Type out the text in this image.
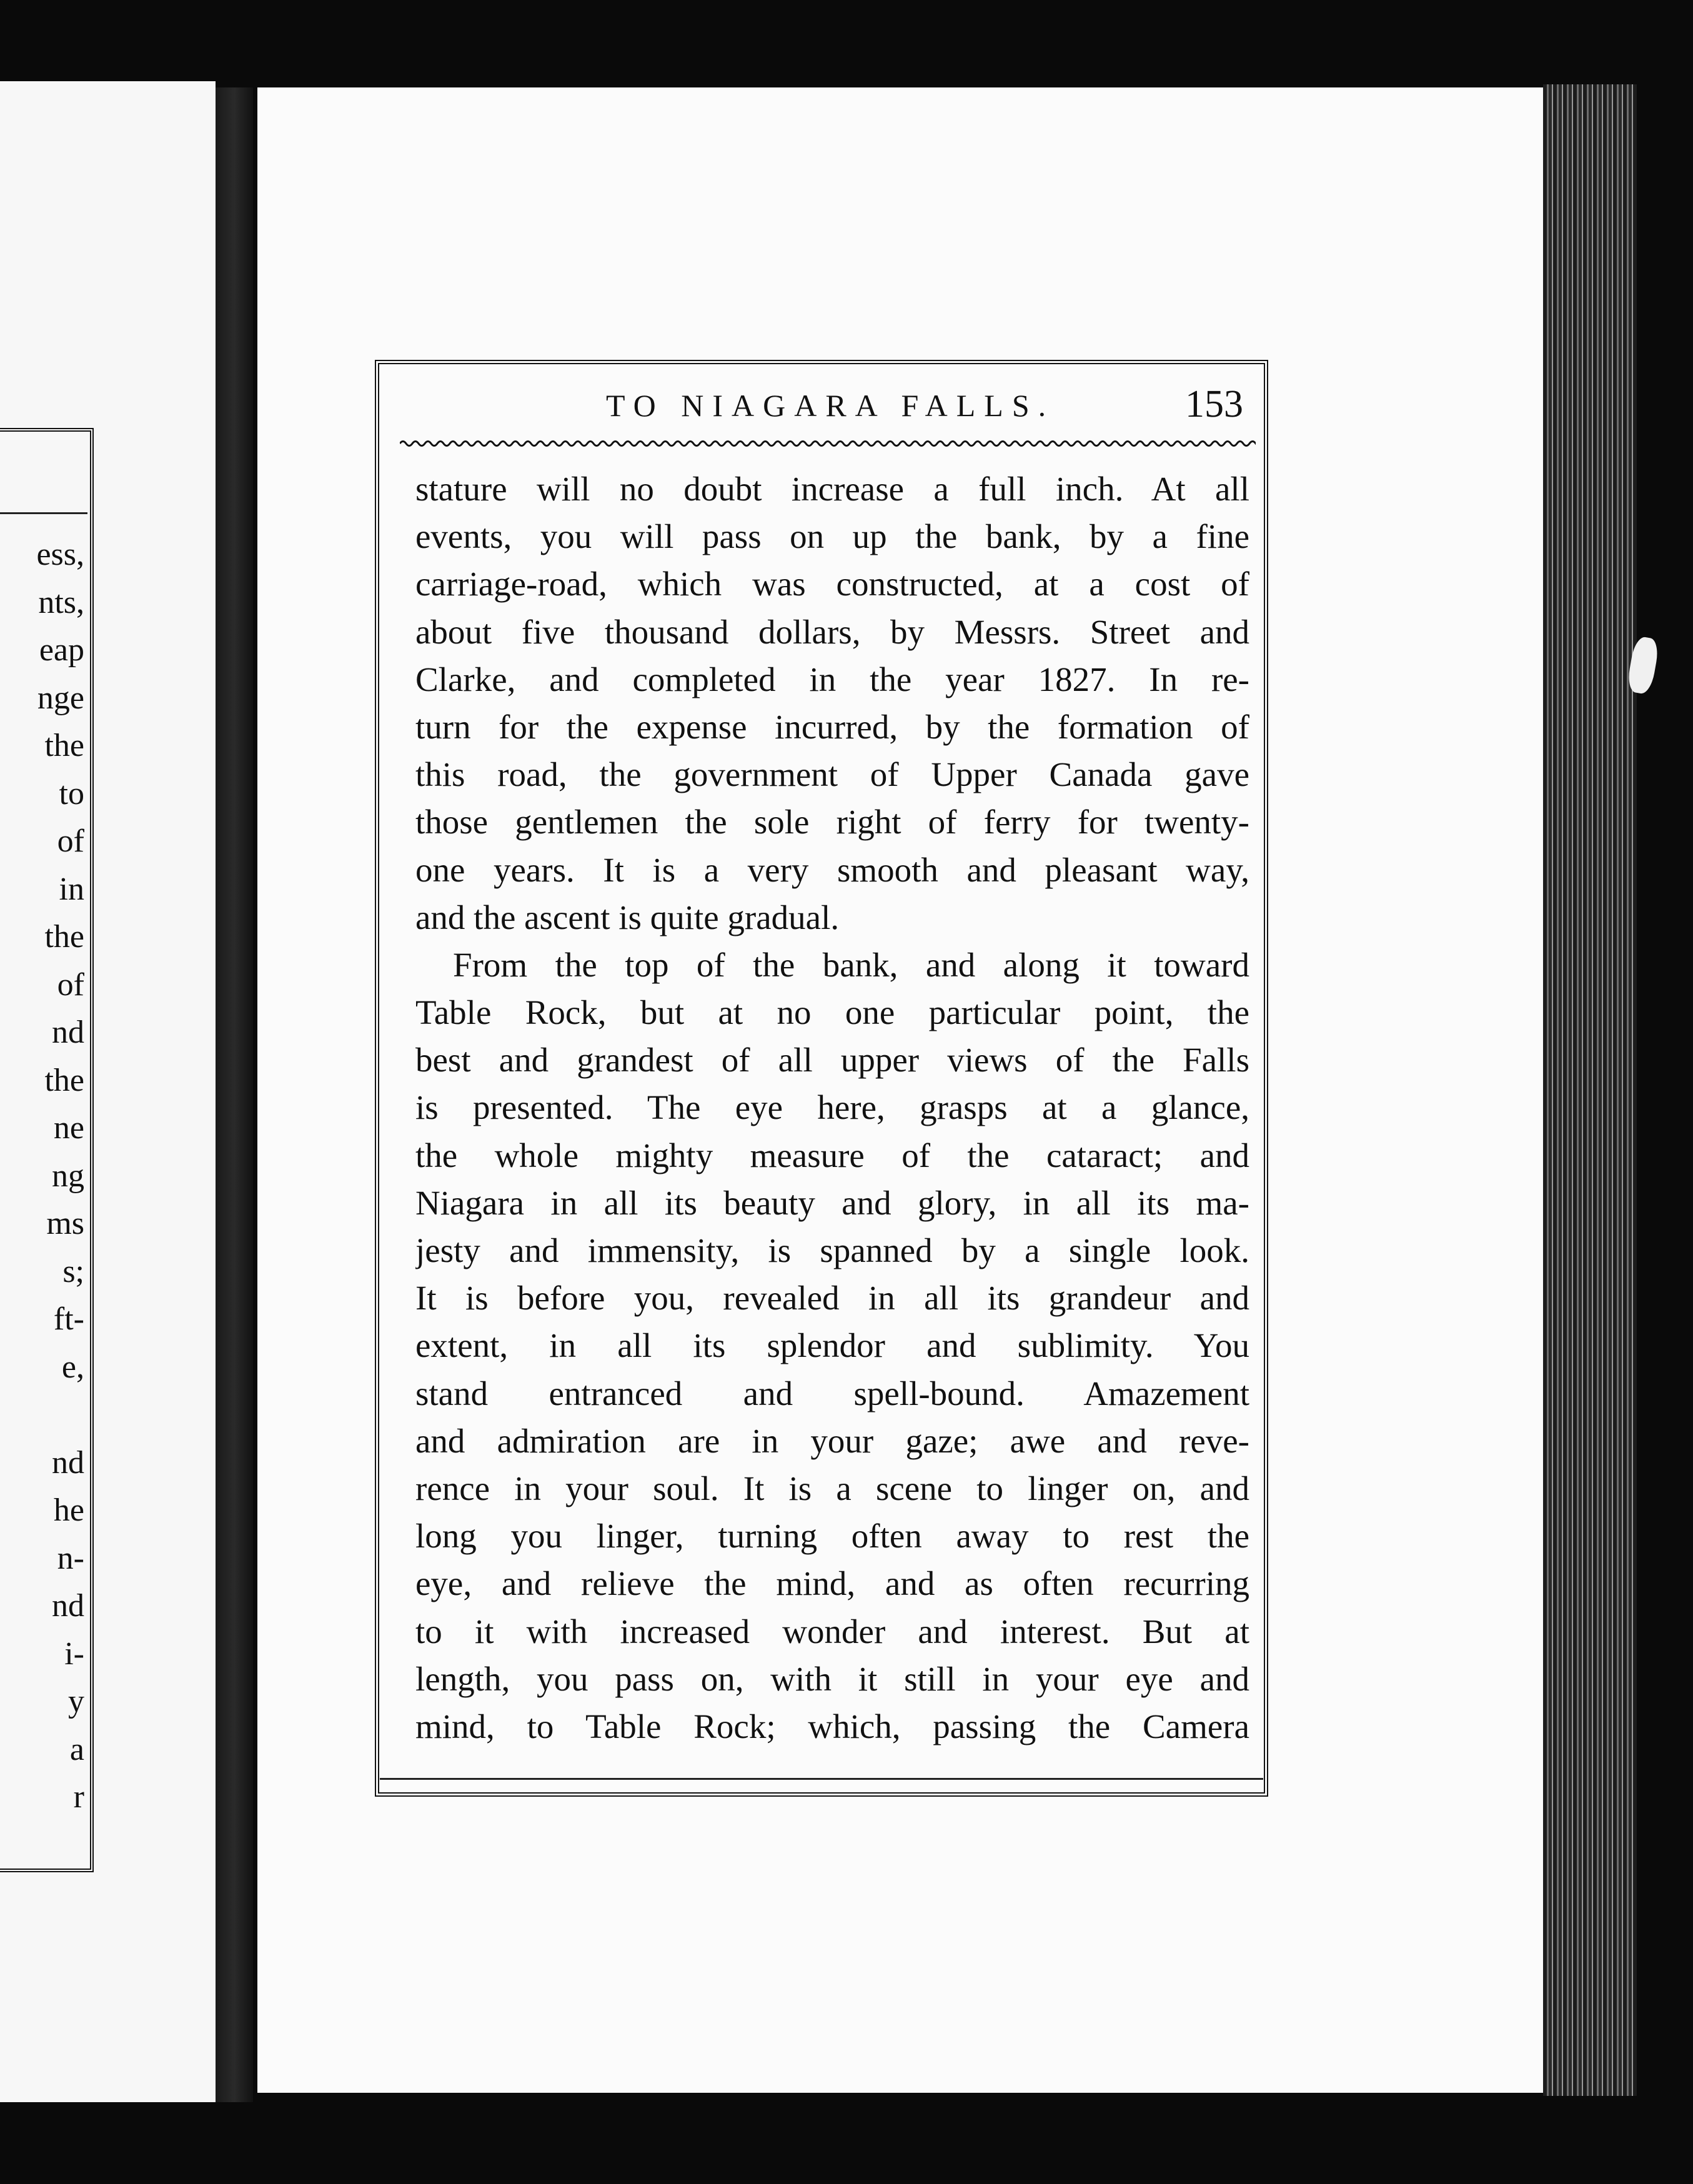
ess,
nts,
eap
nge
the
to
of
in
the
of
nd
the
ne
ng
ms
s;
ft-
e,
nd
he
n-
nd
i-
y
a
r
TO NIAGARA FALLS.	153
stature will no doubt increase a full inch. At all
events, you will pass on up the bank, by a fine
carriage-road, which was constructed, at a cost of
about five thousand dollars, by Messrs. Street and
Clarke, and completed in the year 1827. In re-
turn for the expense incurred, by the formation of
this road, the government of Upper Canada gave
those gentlemen the sole right of ferry for twenty-
one years. It is a very smooth and pleasant way,
and the ascent is quite gradual.
From the top of the bank, and along it toward
Table Rock, but at no one particular point, the
best and grandest of all upper views of the Falls
is presented. The eye here, grasps at a glance,
the whole mighty measure of the cataract; and
Niagara in all its beauty and glory, in all its ma-
jesty and immensity, is spanned by a single look.
It is before you, revealed in all its grandeur and
extent, in all its splendor and sublimity. You
stand entranced and spell-bound. Amazement
and admiration are in your gaze; awe and reve-
rence in your soul. It is a scene to linger on, and
long you linger, turning often away to rest the
eye, and relieve the mind, and as often recurring
to it with increased wonder and interest. But at
length, you pass on, with it still in your eye and
mind, to Table Rock; which, passing the Camera
